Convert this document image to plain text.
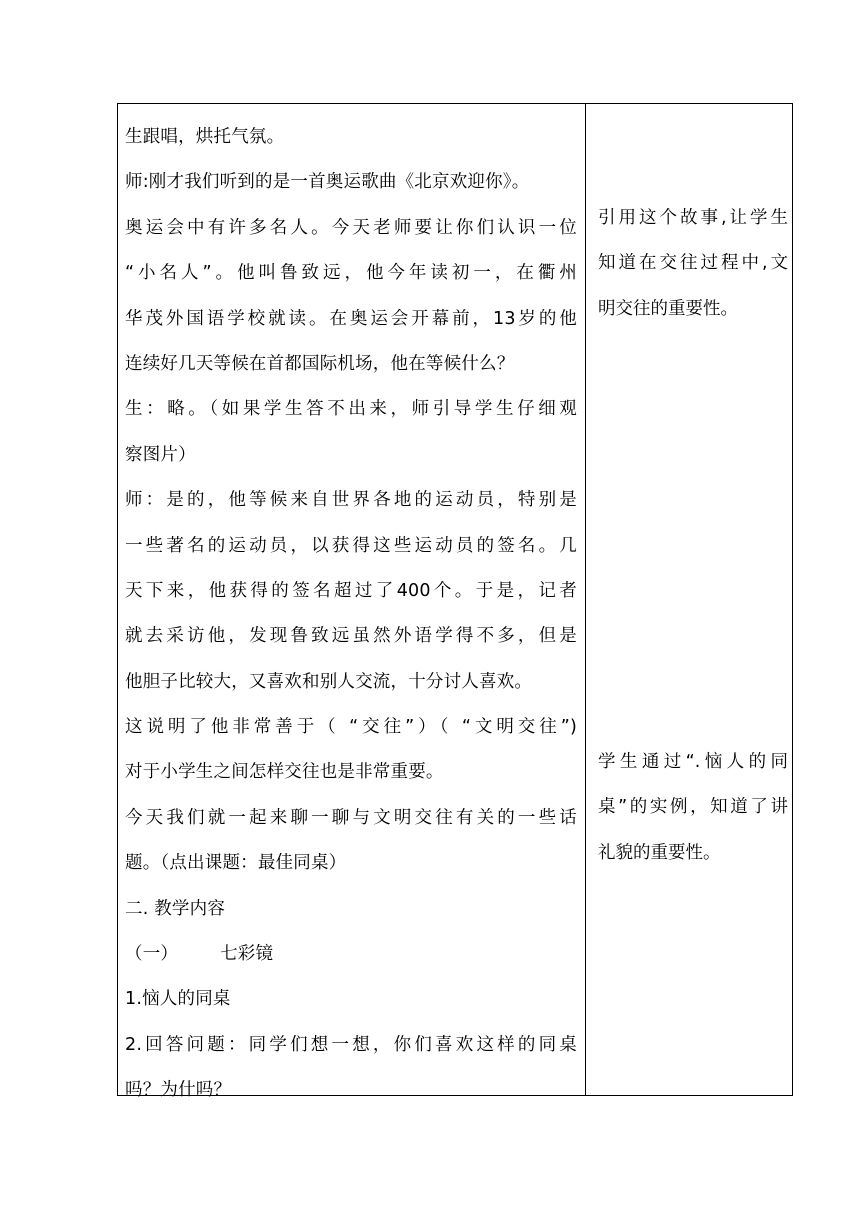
生跟唱，烘托气氛。
师:刚才我们听到的是一首奥运歌曲《北京欢迎你》。
奥运会中有许多名人。今天老师要让你们认识一位
“小名人”。他叫鲁致远，他今年读初一，在衢州
华茂外国语学校就读。在奥运会开幕前，13岁的他
连续好几天等候在首都国际机场，他在等候什么？
生：略。（如果学生答不出来，师引导学生仔细观
察图片）
师：是的，他等候来自世界各地的运动员，特别是
一些著名的运动员，以获得这些运动员的签名。几
天下来，他获得的签名超过了400个。于是，记者
就去采访他，发现鲁致远虽然外语学得不多，但是
他胆子比较大，又喜欢和别人交流，十分讨人喜欢。
这说明了他非常善于（ “交往”）（ “文明交往”)
对于小学生之间怎样交往也是非常重要。
今天我们就一起来聊一聊与文明交往有关的一些话
题。（点出课题：最佳同桌）
二. 教学内容
（一） 七彩镜
1.恼人的同桌
2.回答问题：同学们想一想，你们喜欢这样的同桌
吗？为什吗？
引用这个故事,让学生
知道在交往过程中,文
明交往的重要性。
学生通过“.恼人的同
桌”的实例，知道了讲
礼貌的重要性。
